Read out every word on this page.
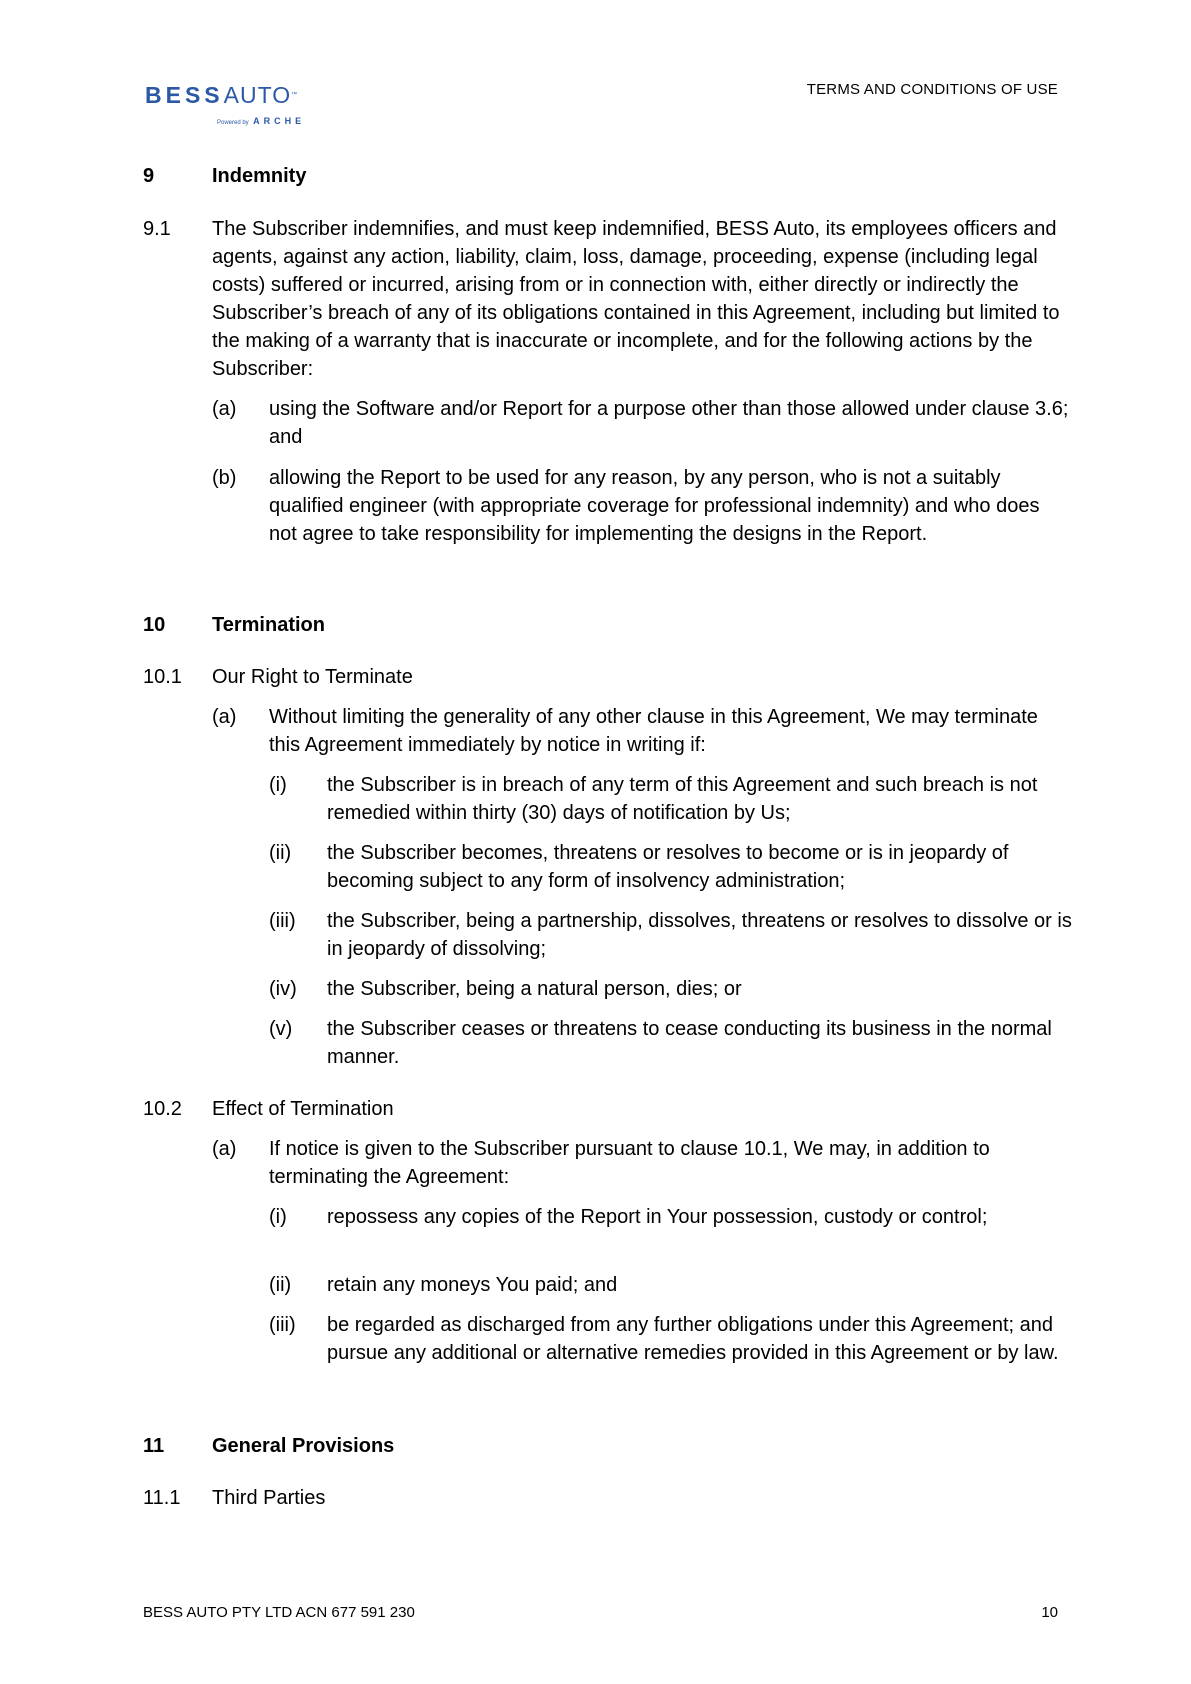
BESSAUTO™
Powered by ARCHE
TERMS AND CONDITIONS OF USE
9	Indemnity
9.1 The Subscriber indemnifies, and must keep indemnified, BESS Auto, its employees officers and agents, against any action, liability, claim, loss, damage, proceeding, expense (including legal costs) suffered or incurred, arising from or in connection with, either directly or indirectly the Subscriber’s breach of any of its obligations contained in this Agreement, including but limited to the making of a warranty that is inaccurate or incomplete, and for the following actions by the Subscriber:
(a) using the Software and/or Report for a purpose other than those allowed under clause 3.6; and
(b) allowing the Report to be used for any reason, by any person, who is not a suitably qualified engineer (with appropriate coverage for professional indemnity) and who does not agree to take responsibility for implementing the designs in the Report.
10 Termination
10.1 Our Right to Terminate
(a) Without limiting the generality of any other clause in this Agreement, We may terminate this Agreement immediately by notice in writing if:
(i) the Subscriber is in breach of any term of this Agreement and such breach is not remedied within thirty (30) days of notification by Us;
(ii) the Subscriber becomes, threatens or resolves to become or is in jeopardy of becoming subject to any form of insolvency administration;
(iii) the Subscriber, being a partnership, dissolves, threatens or resolves to dissolve or is in jeopardy of dissolving;
(iv) the Subscriber, being a natural person, dies; or
(v) the Subscriber ceases or threatens to cease conducting its business in the normal manner.
10.2 Effect of Termination
(a) If notice is given to the Subscriber pursuant to clause 10.1, We may, in addition to terminating the Agreement:
(i) repossess any copies of the Report in Your possession, custody or control;
(ii) retain any moneys You paid; and
(iii) be regarded as discharged from any further obligations under this Agreement; and pursue any additional or alternative remedies provided in this Agreement or by law.
11 General Provisions
11.1 Third Parties
BESS AUTO PTY LTD ACN 677 591 230	10
